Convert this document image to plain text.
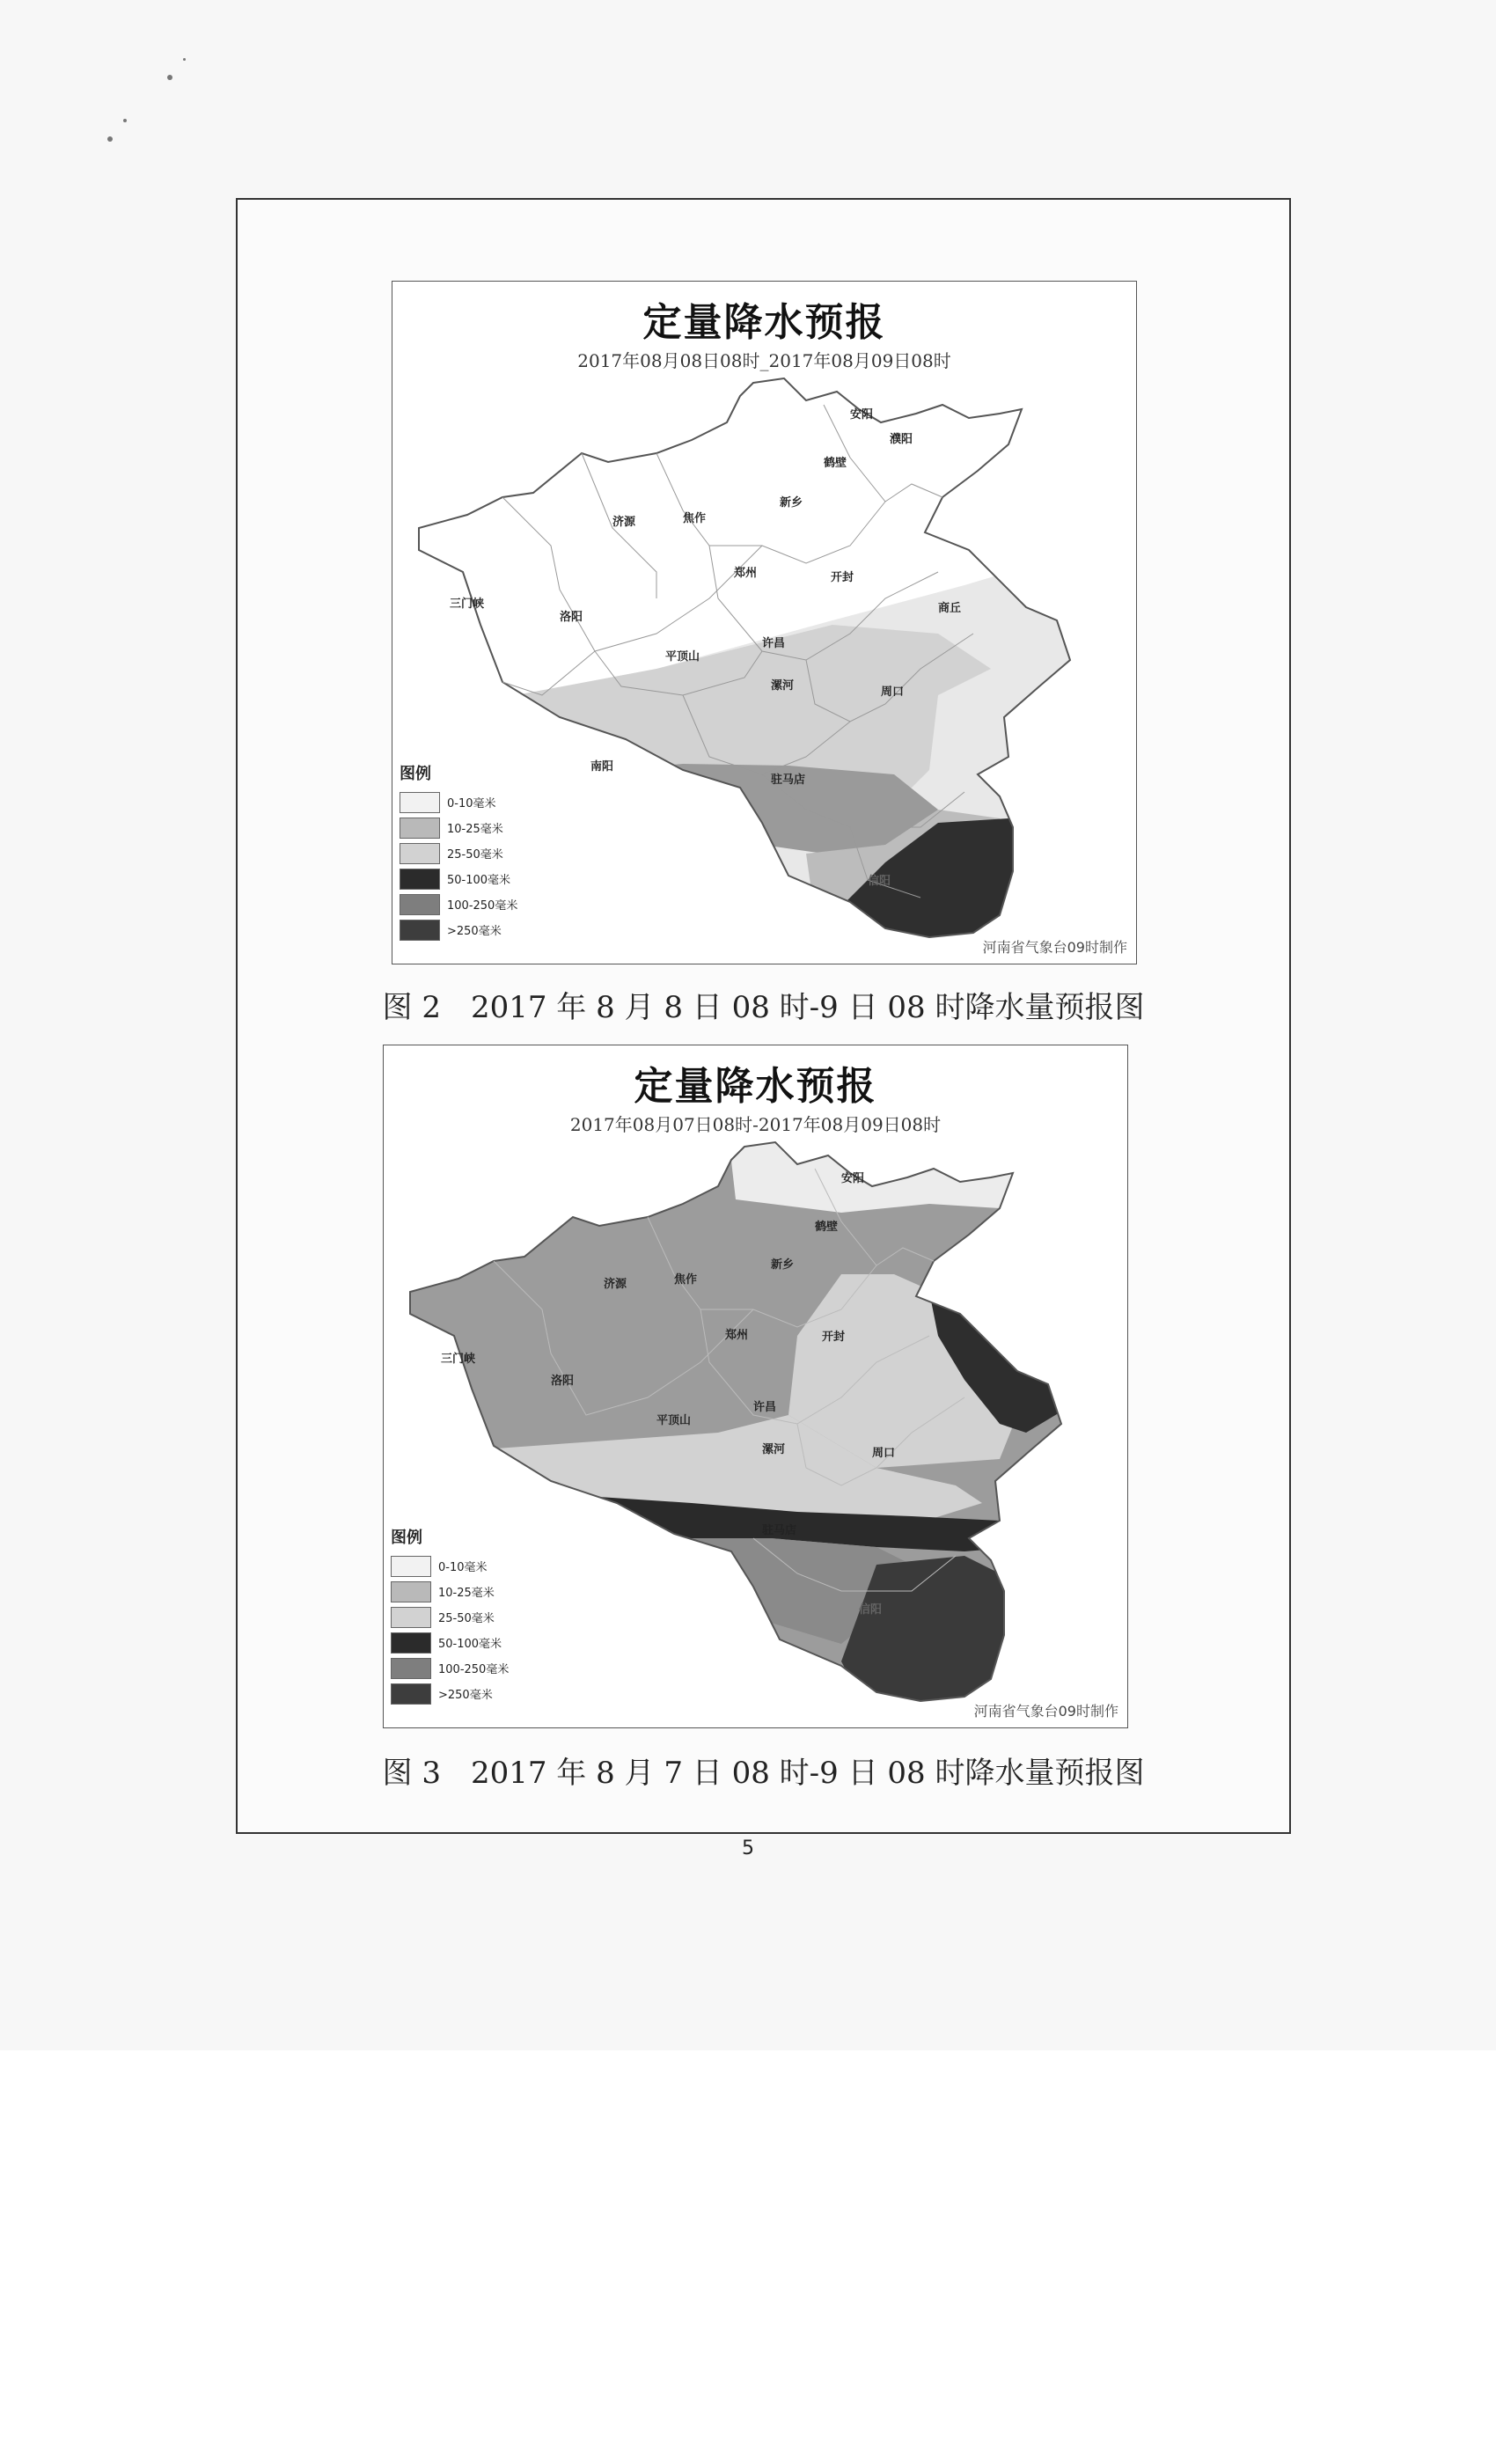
定量降水预报
2017年08月08日08时_2017年08月09日08时
安阳
濮阳
鹤壁
新乡
济源	焦作
郑州	开封
商丘
三门峡
洛阳
平顶山
许昌
漯河	周口
南阳
驻马店
信阳
图例
0-10毫米
10-25毫米
25-50毫米
50-100毫米
100-250毫米
>250毫米
河南省气象台09时制作
图 2　2017 年 8 月 8 日 08 时-9 日 08 时降水量预报图
定量降水预报
2017年08月07日08时-2017年08月09日08时
安阳
鹤壁
新乡
济源	焦作
郑州	开封
三门峡
洛阳
平顶山
许昌
漯河	周口
驻马店
信阳
图例
0-10毫米
10-25毫米
25-50毫米
50-100毫米
100-250毫米
>250毫米
河南省气象台09时制作
图 3　2017 年 8 月 7 日 08 时-9 日 08 时降水量预报图
5
